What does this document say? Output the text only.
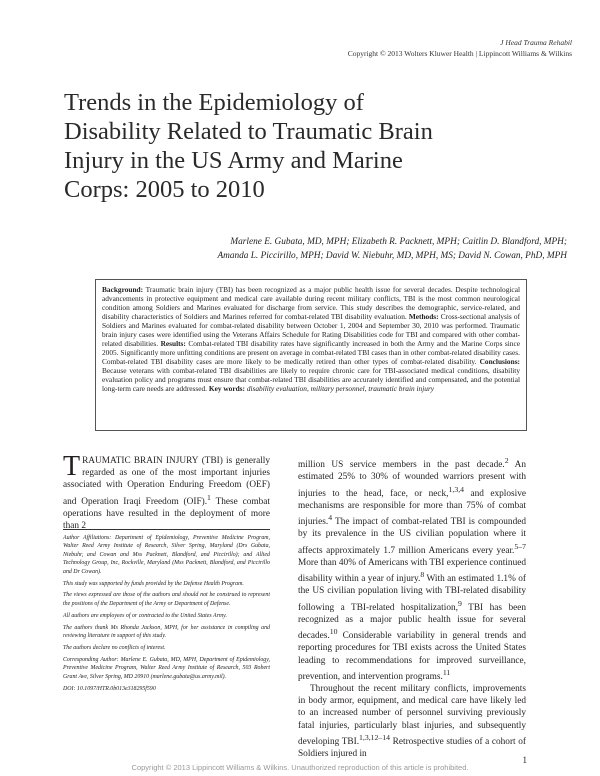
J Head Trauma Rehabil
Copyright © 2013 Wolters Kluwer Health | Lippincott Williams & Wilkins
Trends in the Epidemiology of
Disability Related to Traumatic Brain
Injury in the US Army and Marine
Corps: 2005 to 2010
Marlene E. Gubata, MD, MPH; Elizabeth R. Packnett, MPH; Caitlin D. Blandford, MPH;
Amanda L. Piccirillo, MPH; David W. Niebuhr, MD, MPH, MS; David N. Cowan, PhD, MPH
Background: Traumatic brain injury (TBI) has been recognized as a major public health issue for several decades. Despite technological advancements in protective equipment and medical care available during recent military conflicts, TBI is the most common neurological condition among Soldiers and Marines evaluated for discharge from service. This study describes the demographic, service-related, and disability characteristics of Soldiers and Marines referred for combat-related TBI disability evaluation. Methods: Cross-sectional analysis of Soldiers and Marines evaluated for combat-related disability between October 1, 2004 and September 30, 2010 was performed. Traumatic brain injury cases were identified using the Veterans Affairs Schedule for Rating Disabilities code for TBI and compared with other combat-related disabilities. Results: Combat-related TBI disability rates have significantly increased in both the Army and the Marine Corps since 2005. Significantly more unfitting conditions are present on average in combat-related TBI cases than in other combat-related disability cases. Combat-related TBI disability cases are more likely to be medically retired than other types of combat-related disability. Conclusions: Because veterans with combat-related TBI disabilities are likely to require chronic care for TBI-associated medical conditions, disability evaluation policy and programs must ensure that combat-related TBI disabilities are accurately identified and compensated, and the potential long-term care needs are addressed. Key words: disability evaluation, military personnel, traumatic brain injury
TRAUMATIC BRAIN INJURY (TBI) is generally regarded as one of the most important injuries associated with Operation Enduring Freedom (OEF) and Operation Iraqi Freedom (OIF).$^1$ These combat operations have resulted in the deployment of more than 2

Author Affiliations: Department of Epidemiology, Preventive Medicine Program, Walter Reed Army Institute of Research, Silver Spring, Maryland (Drs Gubata, Niebuhr, and Cowan and Mss Packnett, Blandford, and Piccirillo); and Allied Technology Group, Inc, Rockville, Maryland (Mss Packnett, Blandford, and Piccirillo and Dr Cowan).

This study was supported by funds provided by the Defense Health Program.

The views expressed are those of the authors and should not be construed to represent the positions of the Department of the Army or Department of Defense.

All authors are employees of or contracted to the United States Army.

The authors thank Ms Rhonda Jackson, MPH, for her assistance in compiling and reviewing literature in support of this study.

The authors declare no conflicts of interest.

Corresponding Author: Marlene E. Gubata, MD, MPH, Department of Epidemiology, Preventive Medicine Program, Walter Reed Army Institute of Research, 503 Robert Grant Ave, Silver Spring, MD 20910 (marlene.gubata@us.army.mil).

DOI: 10.1097/HTR.0b013e318295f590

million US service members in the past decade.$^2$ An estimated 25% to 30% of wounded warriors present with injuries to the head, face, or neck,$^{1,3,4}$ and explosive mechanisms are responsible for more than 75% of combat injuries.$^4$ The impact of combat-related TBI is compounded by its prevalence in the US civilian population where it affects approximately 1.7 million Americans every year.$^{5-7}$ More than 40% of Americans with TBI experience continued disability within a year of injury.$^8$ With an estimated 1.1% of the US civilian population living with TBI-related disability following a TBI-related hospitalization,$^9$ TBI has been recognized as a major public health issue for several decades.$^{10}$ Considerable variability in general trends and reporting procedures for TBI exists across the United States leading to recommendations for improved surveillance, prevention, and intervention programs.$^{11}$

Throughout the recent military conflicts, improvements in body armor, equipment, and medical care have likely led to an increased number of personnel surviving previously fatal injuries, particularly blast injuries, and subsequently developing TBI.$^{1,3,12-14}$ Retrospective studies of a cohort of Soldiers injured in

1
Copyright © 2013 Lippincott Williams & Wilkins. Unauthorized reproduction of this article is prohibited.
